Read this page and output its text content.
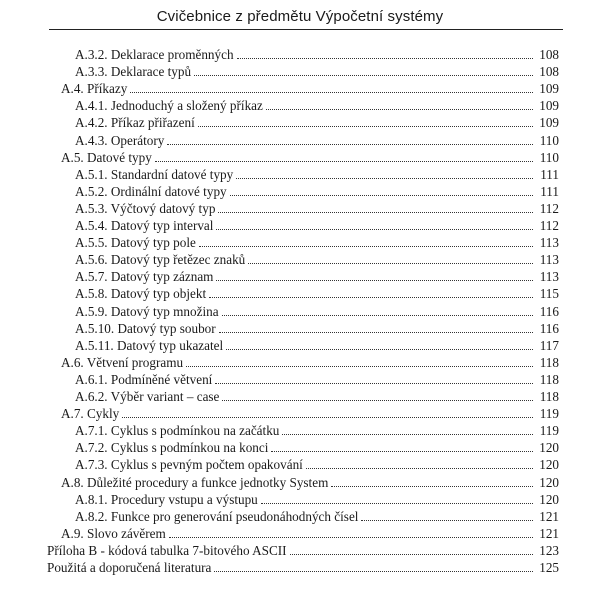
Cvičebnice z předmětu Výpočetní systémy
A.3.2. Deklarace proměnných	108
A.3.3. Deklarace typů	108
A.4. Příkazy	109
A.4.1. Jednoduchý a složený příkaz	109
A.4.2. Příkaz přiřazení	109
A.4.3. Operátory	110
A.5. Datové typy	110
A.5.1. Standardní datové typy	111
A.5.2. Ordinální datové typy	111
A.5.3. Výčtový datový typ	112
A.5.4. Datový typ interval	112
A.5.5. Datový typ pole	113
A.5.6. Datový typ řetězec znaků	113
A.5.7. Datový typ záznam	113
A.5.8. Datový typ objekt	115
A.5.9. Datový typ množina	116
A.5.10. Datový typ soubor	116
A.5.11. Datový typ ukazatel	117
A.6. Větvení programu	118
A.6.1. Podmíněné větvení	118
A.6.2. Výběr variant – case	118
A.7. Cykly	119
A.7.1. Cyklus s podmínkou na začátku	119
A.7.2. Cyklus s podmínkou na konci	120
A.7.3. Cyklus s pevným počtem opakování	120
A.8. Důležité procedury a funkce jednotky System	120
A.8.1. Procedury vstupu a výstupu	120
A.8.2. Funkce pro generování pseudonáhodných čísel	121
A.9. Slovo závěrem	121
Příloha B - kódová tabulka 7-bitového ASCII	123
Použitá a doporučená literatura	125
